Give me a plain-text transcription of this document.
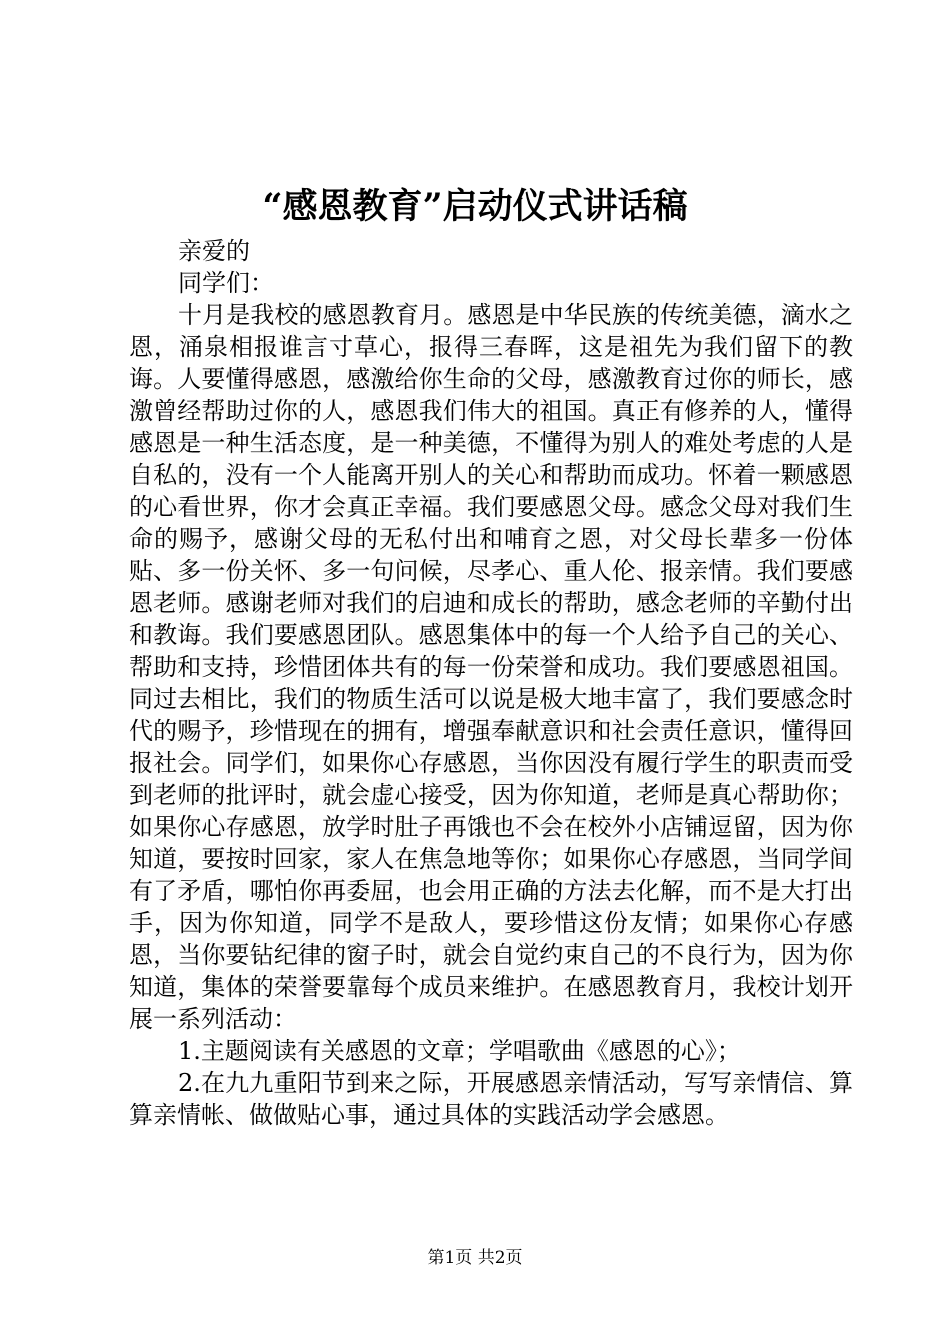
“感恩教育”启动仪式讲话稿

亲爱的

同学们：

十月是我校的感恩教育月。感恩是中华民族的传统美德，滴水之恩，涌泉相报谁言寸草心，报得三春晖，这是祖先为我们留下的教诲。人要懂得感恩，感激给你生命的父母，感激教育过你的师长，感激曾经帮助过你的人，感恩我们伟大的祖国。真正有修养的人，懂得感恩是一种生活态度，是一种美德，不懂得为别人的难处考虑的人是自私的，没有一个人能离开别人的关心和帮助而成功。怀着一颗感恩的心看世界，你才会真正幸福。我们要感恩父母。感念父母对我们生命的赐予，感谢父母的无私付出和哺育之恩，对父母长辈多一份体贴、多一份关怀、多一句问候，尽孝心、重人伦、报亲情。我们要感恩老师。感谢老师对我们的启迪和成长的帮助，感念老师的辛勤付出和教诲。我们要感恩团队。感恩集体中的每一个人给予自己的关心、帮助和支持，珍惜团体共有的每一份荣誉和成功。我们要感恩祖国。同过去相比，我们的物质生活可以说是极大地丰富了，我们要感念时代的赐予，珍惜现在的拥有，增强奉献意识和社会责任意识，懂得回报社会。同学们，如果你心存感恩，当你因没有履行学生的职责而受到老师的批评时，就会虚心接受，因为你知道，老师是真心帮助你；如果你心存感恩，放学时肚子再饿也不会在校外小店铺逗留，因为你知道，要按时回家，家人在焦急地等你；如果你心存感恩，当同学间有了矛盾，哪怕你再委屈，也会用正确的方法去化解，而不是大打出手，因为你知道，同学不是敌人，要珍惜这份友情；如果你心存感恩，当你要钻纪律的窗子时，就会自觉约束自己的不良行为，因为你知道，集体的荣誉要靠每个成员来维护。在感恩教育月，我校计划开展一系列活动：

1.主题阅读有关感恩的文章；学唱歌曲《感恩的心》；

2.在九九重阳节到来之际，开展感恩亲情活动，写写亲情信、算算亲情帐、做做贴心事，通过具体的实践活动学会感恩。

第1页 共2页
